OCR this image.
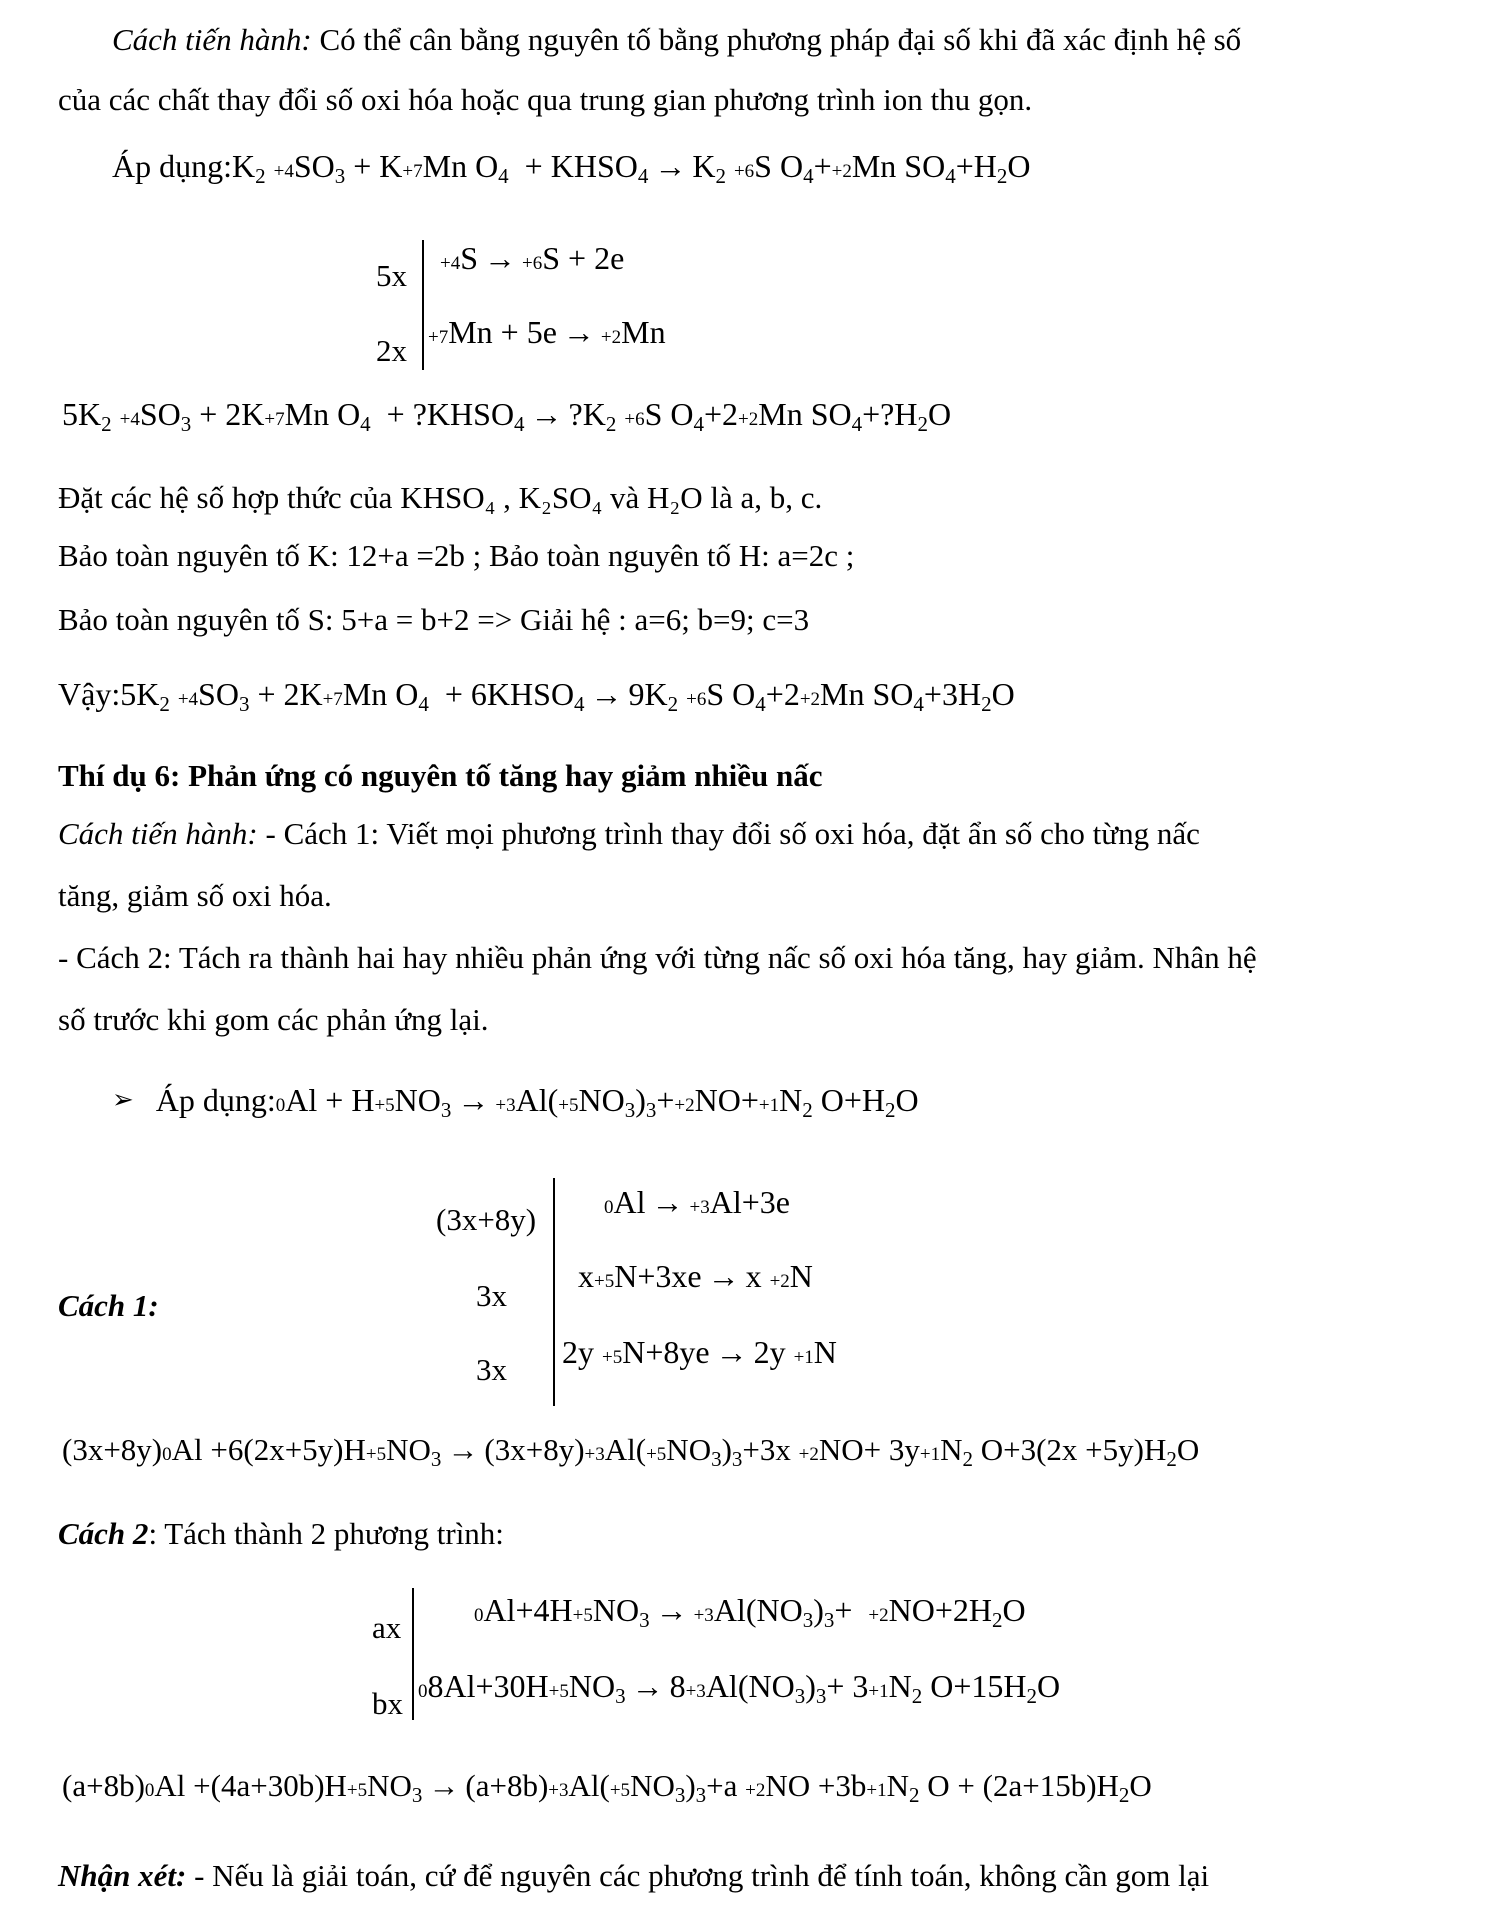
Cách tiến hành: Có thể cân bằng nguyên tố bằng phương pháp đại số khi đã xác định hệ số
của các chất thay đổi số oxi hóa hoặc qua trung gian phương trình ion thu gọn.
Áp dụng: $K_2 +4S$ $O_3 + K +7Mn$ $O_4$  + $KHSO_4 \to K_2 +6S$ $O_4+ +2Mn$ $SO_4+H_2O$
5x
2x
+4S → +6S + 2e
+7Mn + 5e → +2Mn
$5K_2 +4S$ $O_3 + 2K +7Mn$ $O_4$  + $?KHSO_4$ → $?K_2 +6S$ $O_4+2 +2Mn$ $SO_4+?H_2O$
Đặt các hệ số hợp thức của KHSO₄ , K₂SO₄ và H₂O là a, b, c.
Bảo toàn nguyên tố K: 12+a =2b ; Bảo toàn nguyên tố H: a=2c ;
Bảo toàn nguyên tố S: 5+a = b+2 => Giải hệ : a=6; b=9; c=3
Vậy: $5K_2 +4S$ $O_3 + 2K +7Mn$ $O_4$  + $6KHSO_4 \to 9K_2 +6S$ $O_4+2 +2Mn$ $SO_4+3H_2O$
Thí dụ 6: Phản ứng có nguyên tố tăng hay giảm nhiều nấc
Cách tiến hành: - Cách 1: Viết mọi phương trình thay đổi số oxi hóa, đặt ẩn số cho từng nấc
tăng, giảm số oxi hóa.
- Cách 2: Tách ra thành hai hay nhiều phản ứng với từng nấc số oxi hóa tăng, hay giảm. Nhân hệ
số trước khi gom các phản ứng lại.
➢ Áp dụng: 0Al + H +5N $O_3 \to +3Al$ ( +5N $O_3)_3+ +2N$ O+ +1N $_2$ $O+H_2O$
Cách 1:
(3x+8y)
3x
3x
0Al → +3Al +3e
x +5N +3xe → x +2N
2y +5N +8ye → 2y +1N
(3x+8y) 0Al +6(2x+5y)H +5N $O_3 \to (3x+8y) +3Al$ ( +5N $O_3)_3+3x +2N$ O+ 3y +1N $_2$ $O+3(2x +5y)H_2O$
Cách 2: Tách thành 2 phương trình:
ax
bx
0Al +4H +5N $O_3 \to +3Al$ $(NO_3)_3+ +2N$ $O+2H_2O$
08Al +30H +5N $O_3 \to 8 +3Al$ $(NO_3)_3+ 3 +1N$ $_2$ $O+15H_2O$
(a+8b) 0Al +(4a+30b)H +5N $O_3 \to (a+8b) +3Al$ ( +5N $O_3)_3+a +2N$ O +3b +1N $_2$ $O + (2a+15b)H_2O$
Nhận xét: - Nếu là giải toán, cứ để nguyên các phương trình để tính toán, không cần gom lại
